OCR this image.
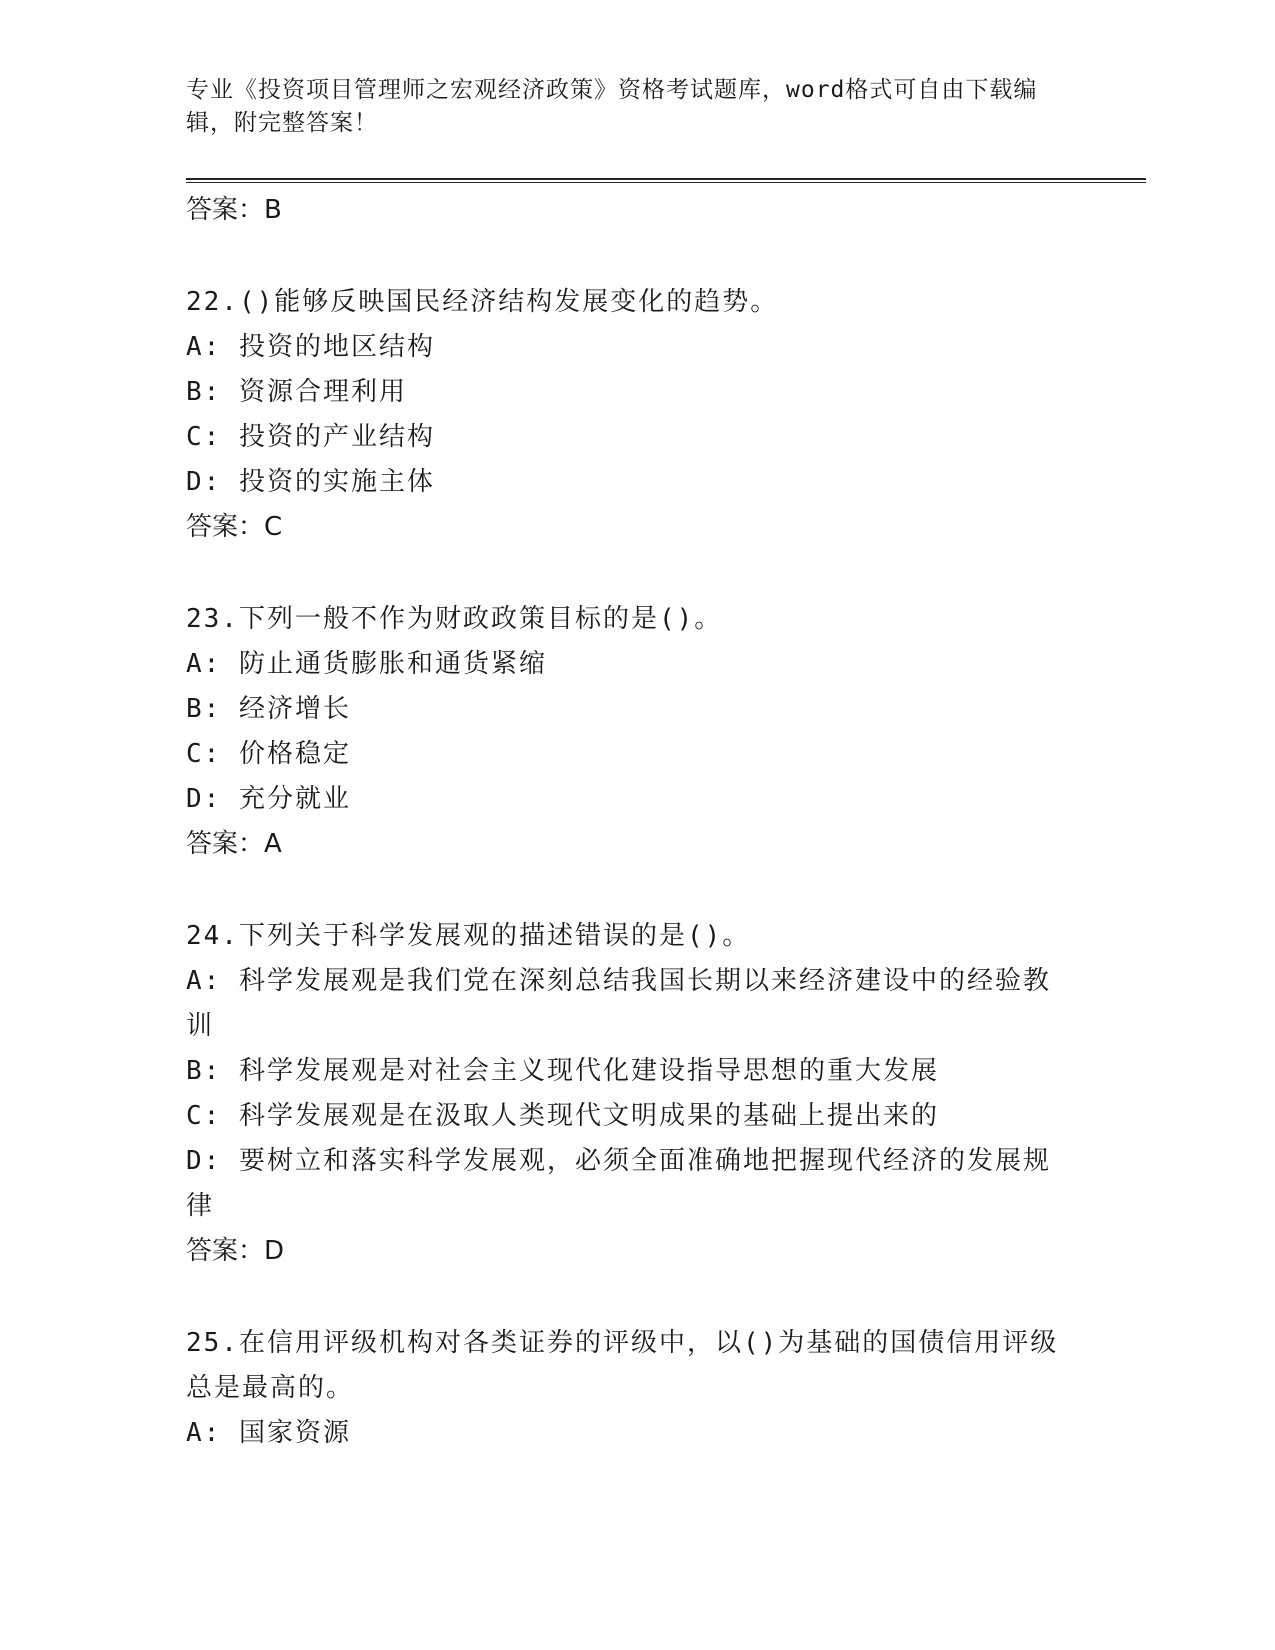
专业《投资项目管理师之宏观经济政策》资格考试题库，word格式可自由下载编
辑，附完整答案！

答案：B

22.()能够反映国民经济结构发展变化的趋势。

A: 投资的地区结构

B: 资源合理利用

C: 投资的产业结构

D: 投资的实施主体

答案：C

23.下列一般不作为财政政策目标的是()。

A: 防止通货膨胀和通货紧缩

B: 经济增长

C: 价格稳定

D: 充分就业

答案：A

24.下列关于科学发展观的描述错误的是()。

A: 科学发展观是我们党在深刻总结我国长期以来经济建设中的经验教训

B: 科学发展观是对社会主义现代化建设指导思想的重大发展

C: 科学发展观是在汲取人类现代文明成果的基础上提出来的

D: 要树立和落实科学发展观，必须全面准确地把握现代经济的发展规律

答案：D

25.在信用评级机构对各类证券的评级中，以()为基础的国债信用评级总是最高的。

A: 国家资源
